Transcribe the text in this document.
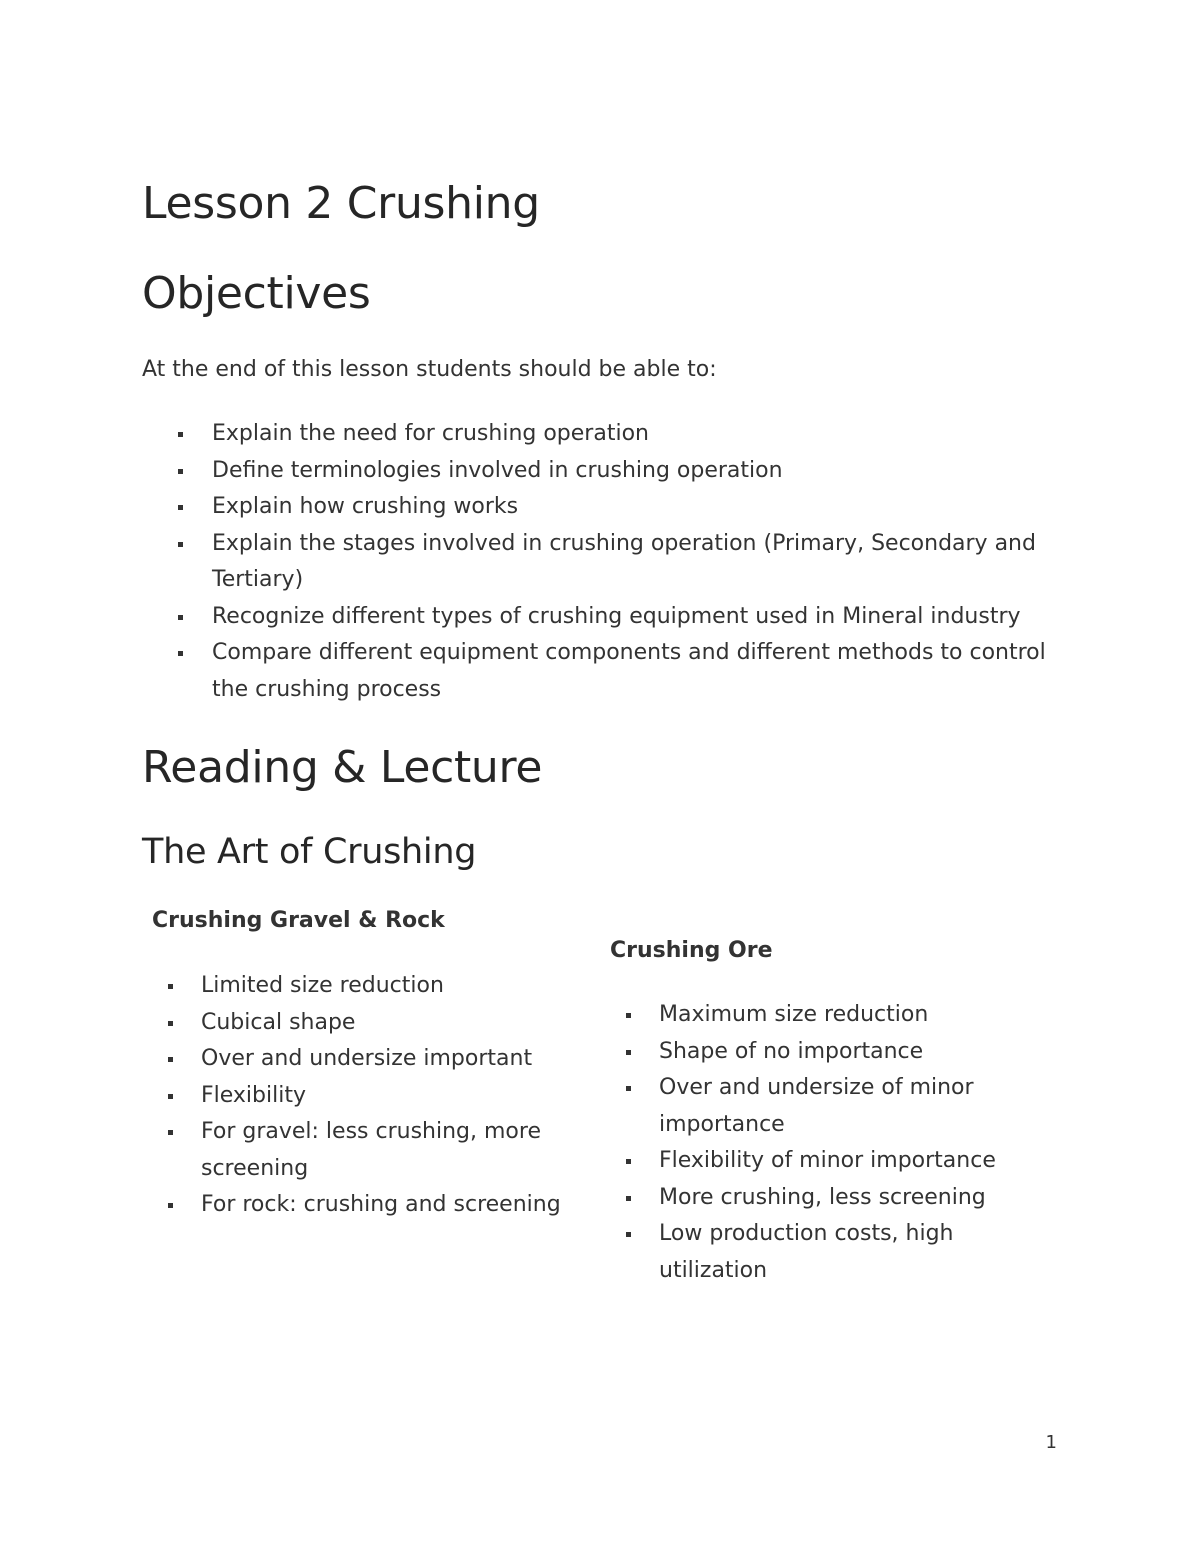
Lesson 2 Crushing
Objectives

At the end of this lesson students should be able to:

Explain the need for crushing operation
Define terminologies involved in crushing operation
Explain how crushing works
Explain the stages involved in crushing operation (Primary, Secondary and Tertiary)
Recognize different types of crushing equipment used in Mineral industry
Compare different equipment components and different methods to control the crushing process
Reading & Lecture
The Art of Crushing

Crushing Gravel & Rock

Limited size reduction
Cubical shape
Over and undersize important
Flexibility
For gravel: less crushing, more screening
For rock: crushing and screening

Crushing Ore

Maximum size reduction
Shape of no importance
Over and undersize of minor importance
Flexibility of minor importance
More crushing, less screening
Low production costs, high utilization
1
